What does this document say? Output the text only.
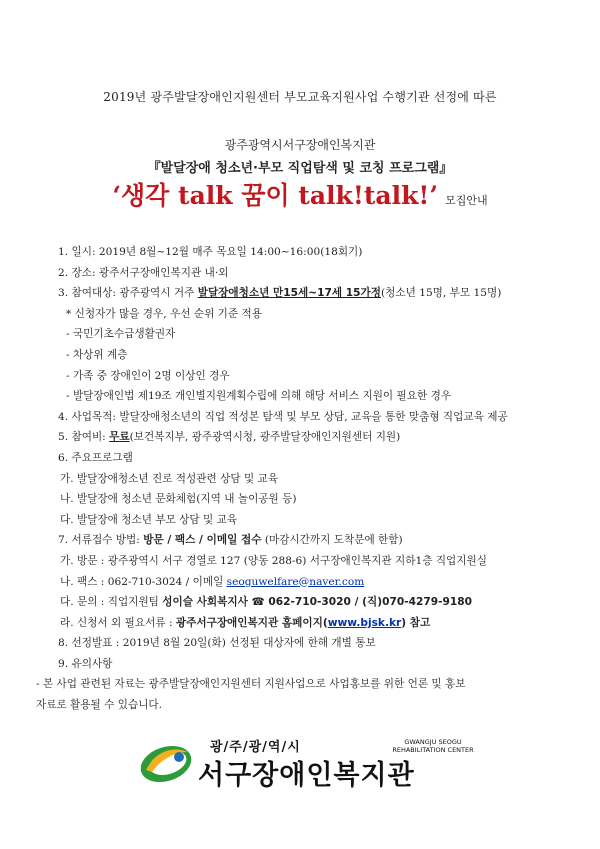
2019년 광주발달장애인지원센터 부모교육지원사업 수행기관 선정에 따른
광주광역시서구장애인복지관
『발달장애 청소년·부모 직업탐색 및 코칭 프로그램』
‘생각 talk 꿈이 talk!talk!’ 모집안내
1. 일시: 2019년 8월~12월 매주 목요일 14:00~16:00(18회기)
2. 장소: 광주서구장애인복지관 내·외
3. 참여대상: 광주광역시 거주 발달장애청소년 만15세~17세 15가정(청소년 15명, 부모 15명)
* 신청자가 많을 경우, 우선 순위 기준 적용
- 국민기초수급생활권자
- 차상위 계층
- 가족 중 장애인이 2명 이상인 경우
- 발달장애인법 제19조 개인별지원계획수립에 의해 해당 서비스 지원이 필요한 경우
4. 사업목적: 발달장애청소년의 직업 적성본 탐색 및 부모 상담, 교육을 통한 맞춤형 직업교육 제공
5. 참여비: 무료(보건복지부, 광주광역시청, 광주발달장애인지원센터 지원)
6. 주요프로그램
가. 발달장애청소년 진로 적성관련 상담 및 교육
나. 발달장애 청소년 문화체험(지역 내 놀이공원 등)
다. 발달장애 청소년 부모 상담 및 교육
7. 서류접수 방법: 방문 / 팩스 / 이메일 접수 (마감시간까지 도착분에 한함)
가. 방문 : 광주광역시 서구 경열로 127 (양동 288-6) 서구장애인복지관 지하1층 직업지원실
나. 팩스 : 062-710-3024 / 이메일 seoguwelfare@naver.com
다. 문의 : 직업지원팀 성이슬 사회복지사 ☎ 062-710-3020 / (직)070-4279-9180
라. 신청서 외 필요서류 : 광주서구장애인복지관 홈페이지(www.bjsk.kr) 참고
8. 선정발표 : 2019년 8월 20일(화) 선정된 대상자에 한해 개별 통보
9. 유의사항
- 본 사업 관련된 자료는 광주발달장애인지원센터 지원사업으로 사업홍보를 위한 언론 및 홍보
자료로 활용될 수 있습니다.
광/주/광/역/시	GWANGJU SEOGU
REHABILITATION CENTER
서구장애인복지관
